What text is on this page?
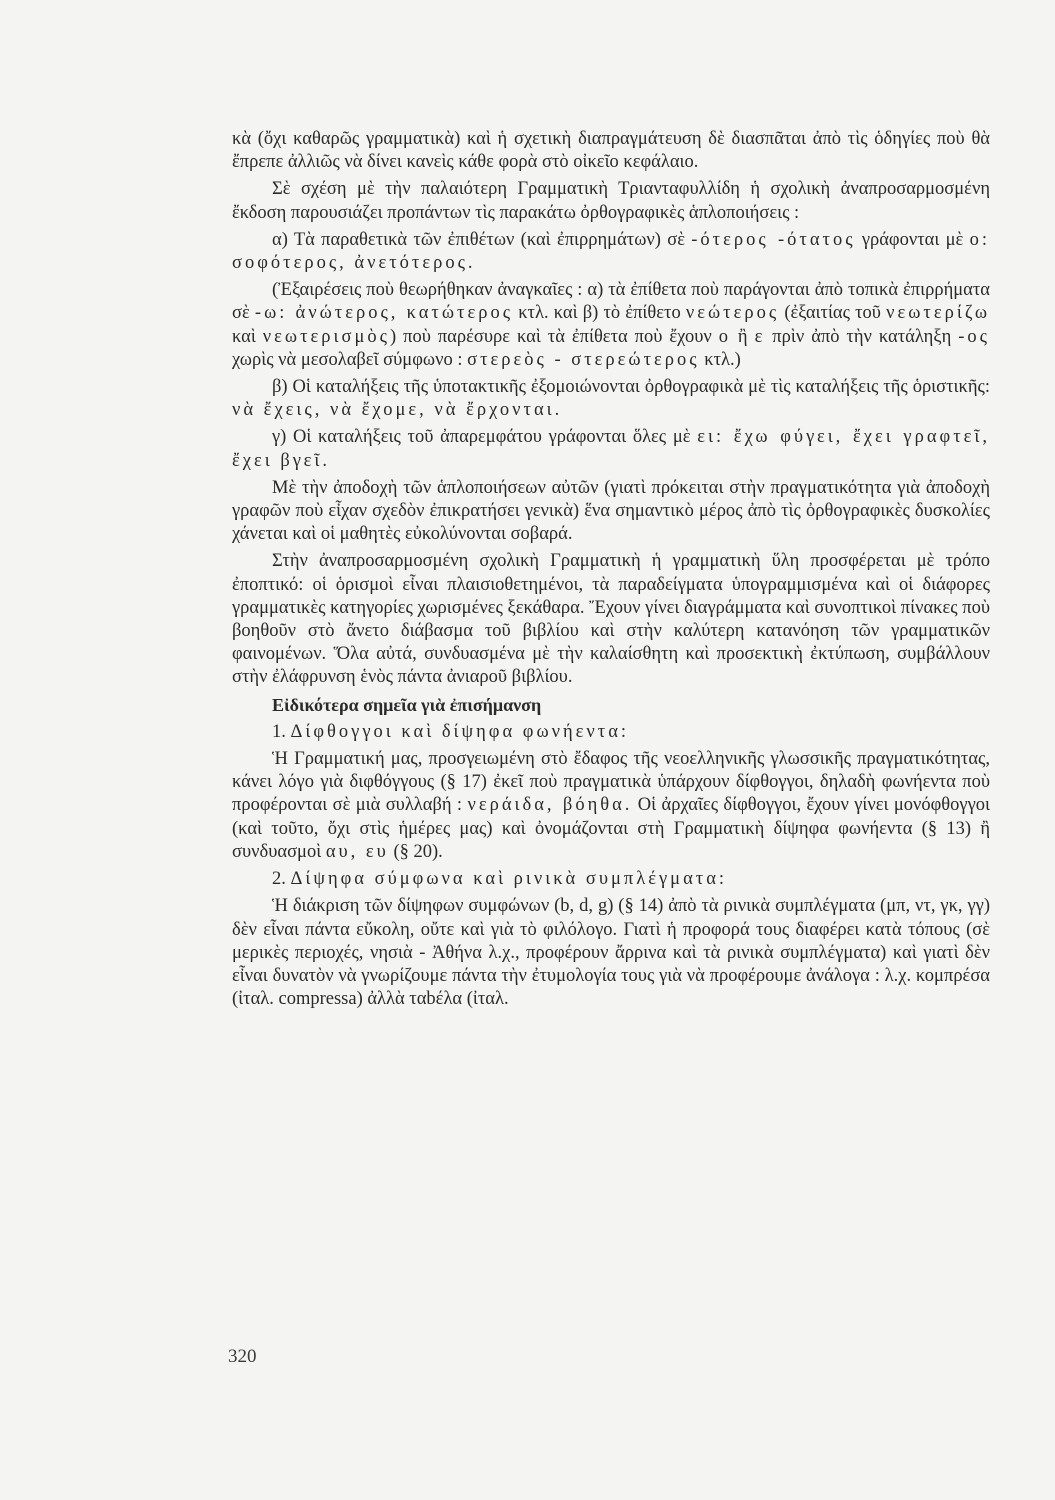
κὰ (ὄχι καθαρῶς γραμματικὰ) καὶ ἡ σχετικὴ διαπραγμάτευση δὲ διασπᾶται ἀπὸ τὶς ὁδηγίες ποὺ θὰ ἔπρεπε ἀλλιῶς νὰ δίνει κανεὶς κάθε φορὰ στὸ οἰκεῖο κεφάλαιο.

Σὲ σχέση μὲ τὴν παλαιότερη Γραμματικὴ Τριανταφυλλίδη ἡ σχολικὴ ἀναπροσαρμοσμένη ἔκδοση παρουσιάζει προπάντων τὶς παρακάτω ὀρθογραφικὲς ἁπλοποιήσεις :

α) Τὰ παραθετικὰ τῶν ἐπιθέτων (καὶ ἐπιρρημάτων) σὲ -ότερος -ότατος γράφονται μὲ ο: σοφότερος, ἀνετότερος.

(Ἐξαιρέσεις ποὺ θεωρήθηκαν ἀναγκαῖες : α) τὰ ἐπίθετα ποὺ παράγονται ἀπὸ τοπικὰ ἐπιρρήματα σὲ -ω: ἀνώτερος, κατώτερος κτλ. καὶ β) τὸ ἐπίθετο νεώτερος (ἐξαιτίας τοῦ νεωτερίζω καὶ νεωτερισμὸς) ποὺ παρέσυρε καὶ τὰ ἐπίθετα ποὺ ἔχουν ο ἢ ε πρὶν ἀπὸ τὴν κατάληξη -ος χωρὶς νὰ μεσολαβεῖ σύμφωνο : στερεὸς - στερεώτερος κτλ.)

β) Οἱ καταλήξεις τῆς ὑποτακτικῆς ἐξομοιώνονται ὀρθογραφικὰ μὲ τὶς καταλήξεις τῆς ὁριστικῆς: νὰ ἔχεις, νὰ ἔχομε, νὰ ἔρχονται.

γ) Οἱ καταλήξεις τοῦ ἀπαρεμφάτου γράφονται ὅλες μὲ ει: ἔχω φύγει, ἔχει γραφτεῖ, ἔχει βγεῖ.

Μὲ τὴν ἀποδοχὴ τῶν ἁπλοποιήσεων αὐτῶν (γιατὶ πρόκειται στὴν πραγματικότητα γιὰ ἀποδοχὴ γραφῶν ποὺ εἶχαν σχεδὸν ἐπικρατήσει γενικὰ) ἕνα σημαντικὸ μέρος ἀπὸ τὶς ὀρθογραφικὲς δυσκολίες χάνεται καὶ οἱ μαθητὲς εὐκολύνονται σοβαρά.

Στὴν ἀναπροσαρμοσμένη σχολικὴ Γραμματικὴ ἡ γραμματικὴ ὕλη προσφέρεται μὲ τρόπο ἐποπτικό: οἱ ὁρισμοὶ εἶναι πλαισιοθετημένοι, τὰ παραδείγματα ὑπογραμμισμένα καὶ οἱ διάφορες γραμματικὲς κατηγορίες χωρισμένες ξεκάθαρα. Ἔχουν γίνει διαγράμματα καὶ συνοπτικοὶ πίνακες ποὺ βοηθοῦν στὸ ἄνετο διάβασμα τοῦ βιβλίου καὶ στὴν καλύτερη κατανόηση τῶν γραμματικῶν φαινομένων. Ὅλα αὐτά, συνδυασμένα μὲ τὴν καλαίσθητη καὶ προσεκτικὴ ἐκτύπωση, συμβάλλουν στὴν ἐλάφρυνση ἑνὸς πάντα ἀνιαροῦ βιβλίου.

Εἰδικότερα σημεῖα γιὰ ἐπισήμανση

1. Δίφθογγοι καὶ δίψηφα φωνήεντα:

Ἡ Γραμματική μας, προσγειωμένη στὸ ἔδαφος τῆς νεοελληνικῆς γλωσσικῆς πραγματικότητας, κάνει λόγο γιὰ διφθόγγους (§ 17) ἐκεῖ ποὺ πραγματικὰ ὑπάρχουν δίφθογγοι, δηλαδὴ φωνήεντα ποὺ προφέρονται σὲ μιὰ συλλαβή : νεράιδα, βόηθα. Οἱ ἀρχαῖες δίφθογγοι, ἔχουν γίνει μονόφθογγοι (καὶ τοῦτο, ὄχι στὶς ἡμέρες μας) καὶ ὀνομάζονται στὴ Γραμματικὴ δίψηφα φωνήεντα (§ 13) ἢ συνδυασμοὶ αυ, ευ (§ 20).

2. Δίψηφα σύμφωνα καὶ ρινικὰ συμπλέγματα:

Ἡ διάκριση τῶν δίψηφων συμφώνων (b, d, g) (§ 14) ἀπὸ τὰ ρινικὰ συμπλέγματα (μπ, ντ, γκ, γγ) δὲν εἶναι πάντα εὔκολη, οὔτε καὶ γιὰ τὸ φιλόλογο. Γιατὶ ἡ προφορά τους διαφέρει κατὰ τόπους (σὲ μερικὲς περιοχές, νησιὰ - Ἀθήνα λ.χ., προφέρουν ἄρρινα καὶ τὰ ρινικὰ συμπλέγματα) καὶ γιατὶ δὲν εἶναι δυνατὸν νὰ γνωρίζουμε πάντα τὴν ἐτυμολογία τους γιὰ νὰ προφέρουμε ἀνάλογα : λ.χ. κομπρέσα (ἰταλ. compressa) ἀλλὰ ταbέλα (ἰταλ.

320
